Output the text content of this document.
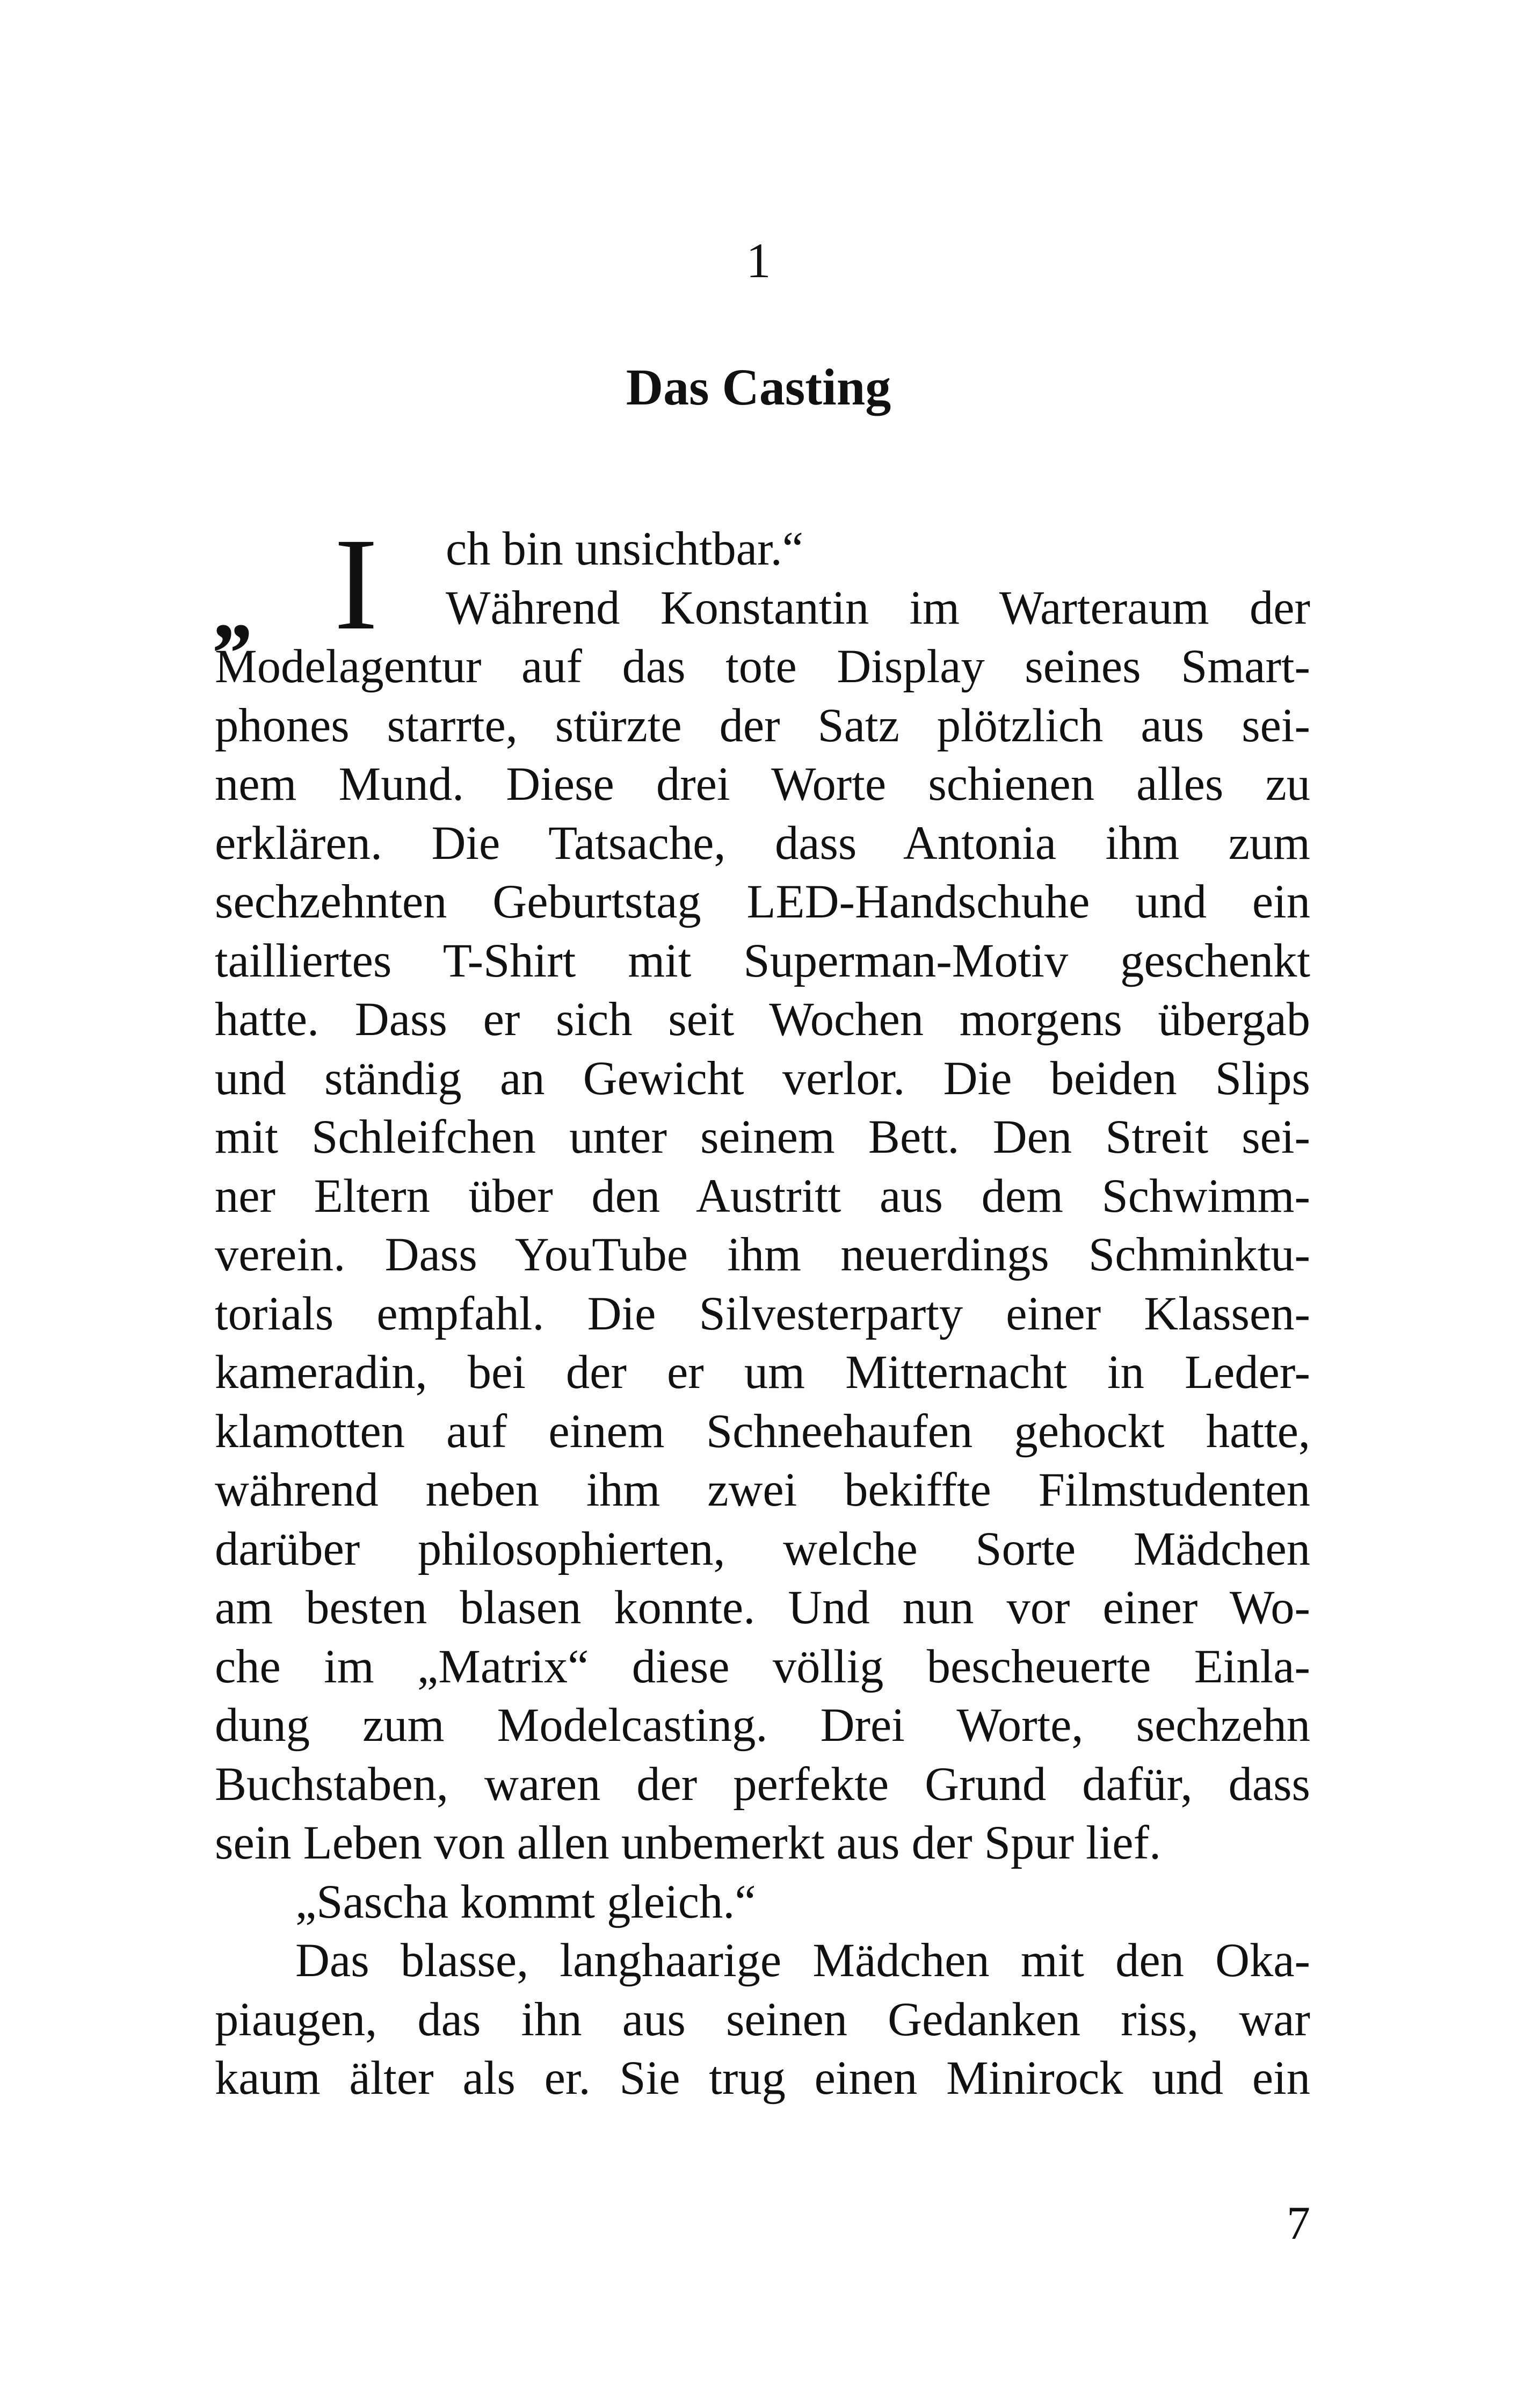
1
Das Casting
„ I	ch bin unsichtbar.“
Während Konstantin im Warteraum der
Modelagentur auf das tote Display seines Smart-
phones starrte, stürzte der Satz plötzlich aus sei-
nem Mund. Diese drei Worte schienen alles zu
erklären. Die Tatsache, dass Antonia ihm zum
sechzehnten Geburtstag LED-Handschuhe und ein
tailliertes T-Shirt mit Superman-Motiv geschenkt
hatte. Dass er sich seit Wochen morgens übergab
und ständig an Gewicht verlor. Die beiden Slips
mit Schleifchen unter seinem Bett. Den Streit sei-
ner Eltern über den Austritt aus dem Schwimm-
verein. Dass YouTube ihm neuerdings Schminktu-
torials empfahl. Die Silvesterparty einer Klassen-
kameradin, bei der er um Mitternacht in Leder-
klamotten auf einem Schneehaufen gehockt hatte,
während neben ihm zwei bekiffte Filmstudenten
darüber philosophierten, welche Sorte Mädchen
am besten blasen konnte. Und nun vor einer Wo-
che im „Matrix“ diese völlig bescheuerte Einla-
dung zum Modelcasting. Drei Worte, sechzehn
Buchstaben, waren der perfekte Grund dafür, dass
sein Leben von allen unbemerkt aus der Spur lief.
„Sascha kommt gleich.“
Das blasse, langhaarige Mädchen mit den Oka-
piaugen, das ihn aus seinen Gedanken riss, war
kaum älter als er. Sie trug einen Minirock und ein
7
